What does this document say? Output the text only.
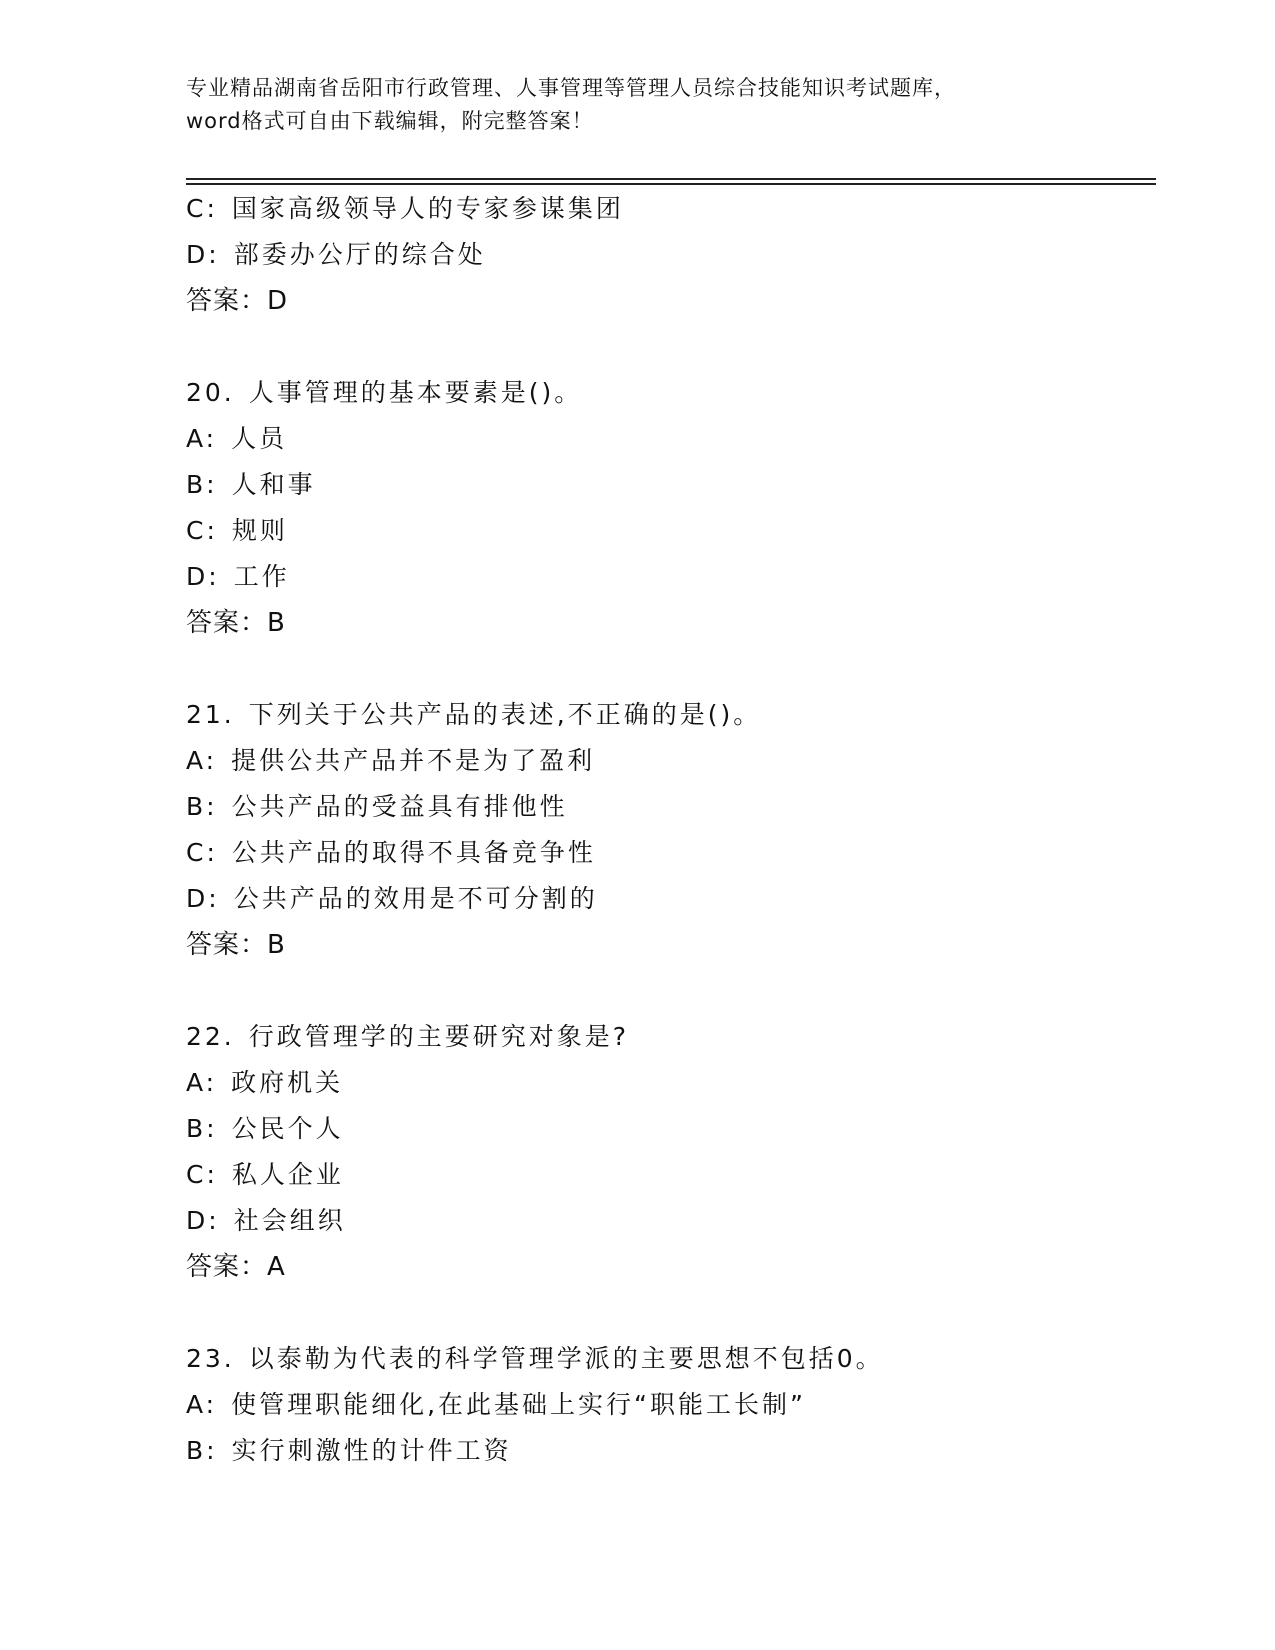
专业精品湖南省岳阳市行政管理、人事管理等管理人员综合技能知识考试题库，
word格式可自由下载编辑，附完整答案！
C: 国家高级领导人的专家参谋集团
D: 部委办公厅的综合处
答案：D
20. 人事管理的基本要素是()。
A: 人员
B: 人和事
C: 规则
D: 工作
答案：B
21. 下列关于公共产品的表述,不正确的是()。
A: 提供公共产品并不是为了盈利
B: 公共产品的受益具有排他性
C: 公共产品的取得不具备竞争性
D: 公共产品的效用是不可分割的
答案：B
22. 行政管理学的主要研究对象是?
A: 政府机关
B: 公民个人
C: 私人企业
D: 社会组织
答案：A
23. 以泰勒为代表的科学管理学派的主要思想不包括0。
A: 使管理职能细化,在此基础上实行“职能工长制”
B: 实行刺激性的计件工资
